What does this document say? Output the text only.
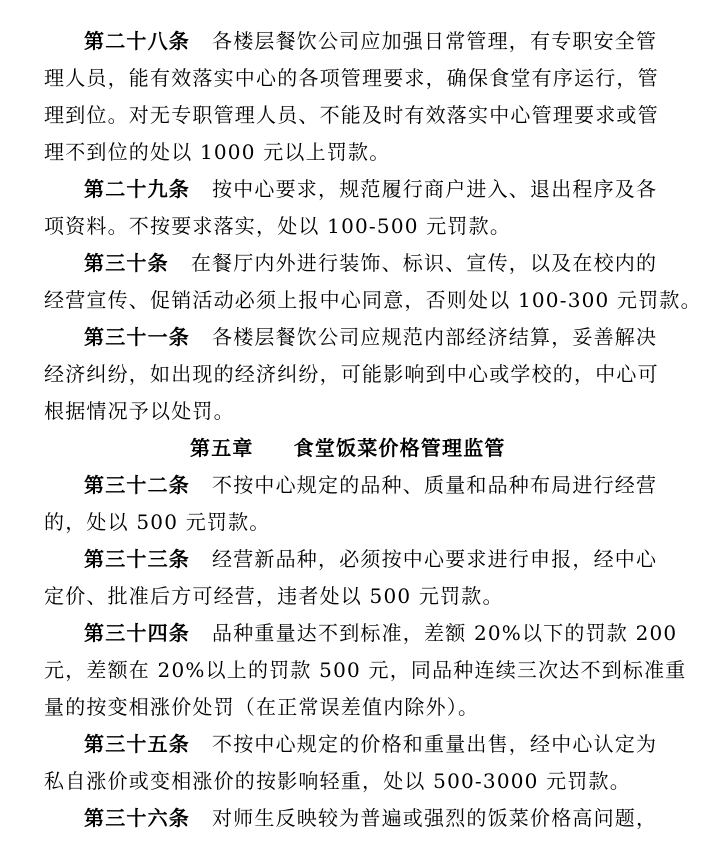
第二十八条 各楼层餐饮公司应加强日常管理，有专职安全管
理人员，能有效落实中心的各项管理要求，确保食堂有序运行，管
理到位。对无专职管理人员、不能及时有效落实中心管理要求或管
理不到位的处以 1000 元以上罚款。
第二十九条 按中心要求，规范履行商户进入、退出程序及各
项资料。不按要求落实，处以 100-500 元罚款。
第三十条 在餐厅内外进行装饰、标识、宣传，以及在校内的
经营宣传、促销活动必须上报中心同意，否则处以 100-300 元罚款。
第三十一条 各楼层餐饮公司应规范内部经济结算，妥善解决
经济纠纷，如出现的经济纠纷，可能影响到中心或学校的，中心可
根据情况予以处罚。
第五章 食堂饭菜价格管理监管
第三十二条 不按中心规定的品种、质量和品种布局进行经营
的，处以 500 元罚款。
第三十三条 经营新品种，必须按中心要求进行申报，经中心
定价、批准后方可经营，违者处以 500 元罚款。
第三十四条 品种重量达不到标准，差额 20%以下的罚款 200
元，差额在 20%以上的罚款 500 元，同品种连续三次达不到标准重
量的按变相涨价处罚（在正常误差值内除外）。
第三十五条 不按中心规定的价格和重量出售，经中心认定为
私自涨价或变相涨价的按影响轻重，处以 500-3000 元罚款。
第三十六条 对师生反映较为普遍或强烈的饭菜价格高问题，
